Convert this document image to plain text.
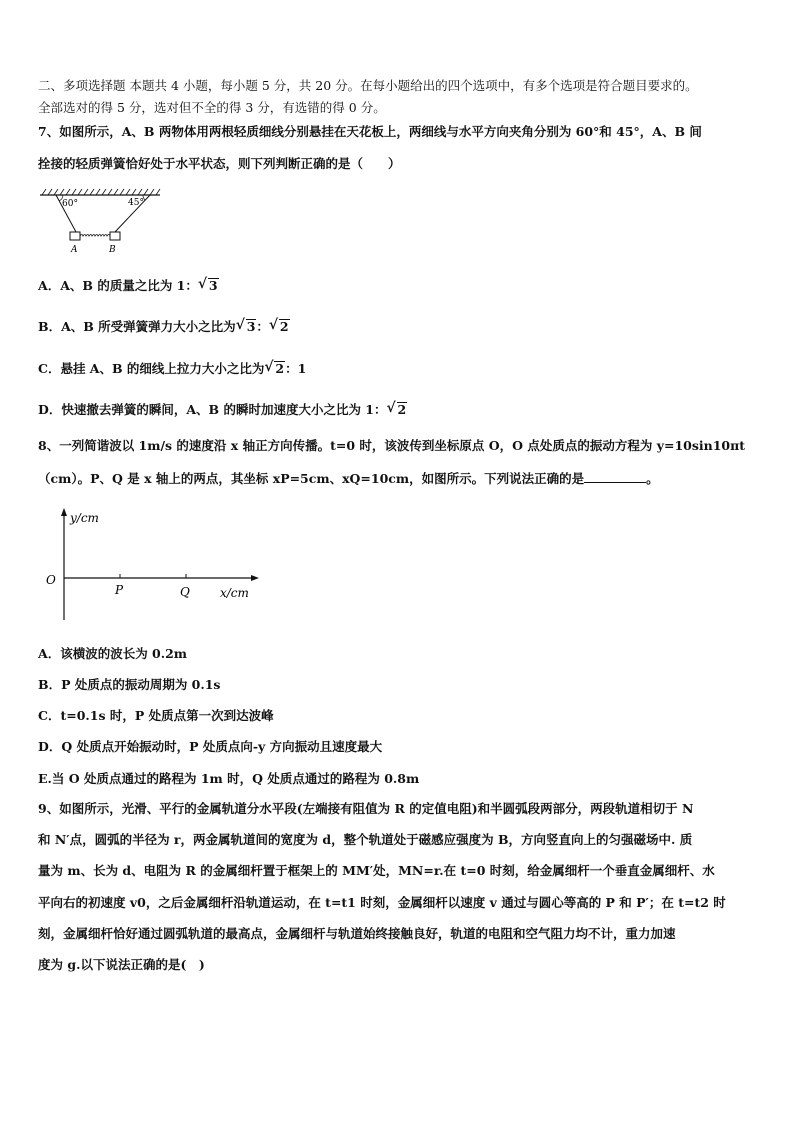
二、多项选择题 本题共 4 小题，每小题 5 分，共 20 分。在每小题给出的四个选项中，有多个选项是符合题目要求的。
全部选对的得 5 分，选对但不全的得 3 分，有选错的得 0 分。
7、如图所示，A、B 两物体用两根轻质细线分别悬挂在天花板上，两细线与水平方向夹角分别为 60°和 45°，A、B 间
拴接的轻质弹簧恰好处于水平状态，则下列判断正确的是（　　）
60°	45°
A	B
A．A、B 的质量之比为 1： √ 3
B．A、B 所受弹簧弹力大小之比为 √ 3： √ 2
C．悬挂 A、B 的细线上拉力大小之比为 √ 2：1
D．快速撤去弹簧的瞬间，A、B 的瞬时加速度大小之比为 1： √ 2
8、一列简谐波以 1m/s 的速度沿 x 轴正方向传播。t=0 时，该波传到坐标原点 O，O 点处质点的振动方程为 y=10sin10πt
（cm）。P、Q 是 x 轴上的两点，其坐标 xP=5cm、xQ=10cm，如图所示。下列说法正确的是	。
y/cm
x/cm
O
P	Q
A．该横波的波长为 0.2m
B．P 处质点的振动周期为 0.1s
C．t=0.1s 时，P 处质点第一次到达波峰
D．Q 处质点开始振动时，P 处质点向-y 方向振动且速度最大
E.当 O 处质点通过的路程为 1m 时，Q 处质点通过的路程为 0.8m
9、如图所示，光滑、平行的金属轨道分水平段(左端接有阻值为 R 的定值电阻)和半圆弧段两部分，两段轨道相切于 N
和 N′点，圆弧的半径为 r，两金属轨道间的宽度为 d，整个轨道处于磁感应强度为 B，方向竖直向上的匀强磁场中. 质
量为 m、长为 d、电阻为 R 的金属细杆置于框架上的 MM′处，MN=r.在 t=0 时刻，给金属细杆一个垂直金属细杆、水
平向右的初速度 v0，之后金属细杆沿轨道运动，在 t=t1 时刻，金属细杆以速度 v 通过与圆心等高的 P 和 P′；在 t=t2 时
刻，金属细杆恰好通过圆弧轨道的最高点，金属细杆与轨道始终接触良好，轨道的电阻和空气阻力均不计，重力加速
度为 g.以下说法正确的是(　)
